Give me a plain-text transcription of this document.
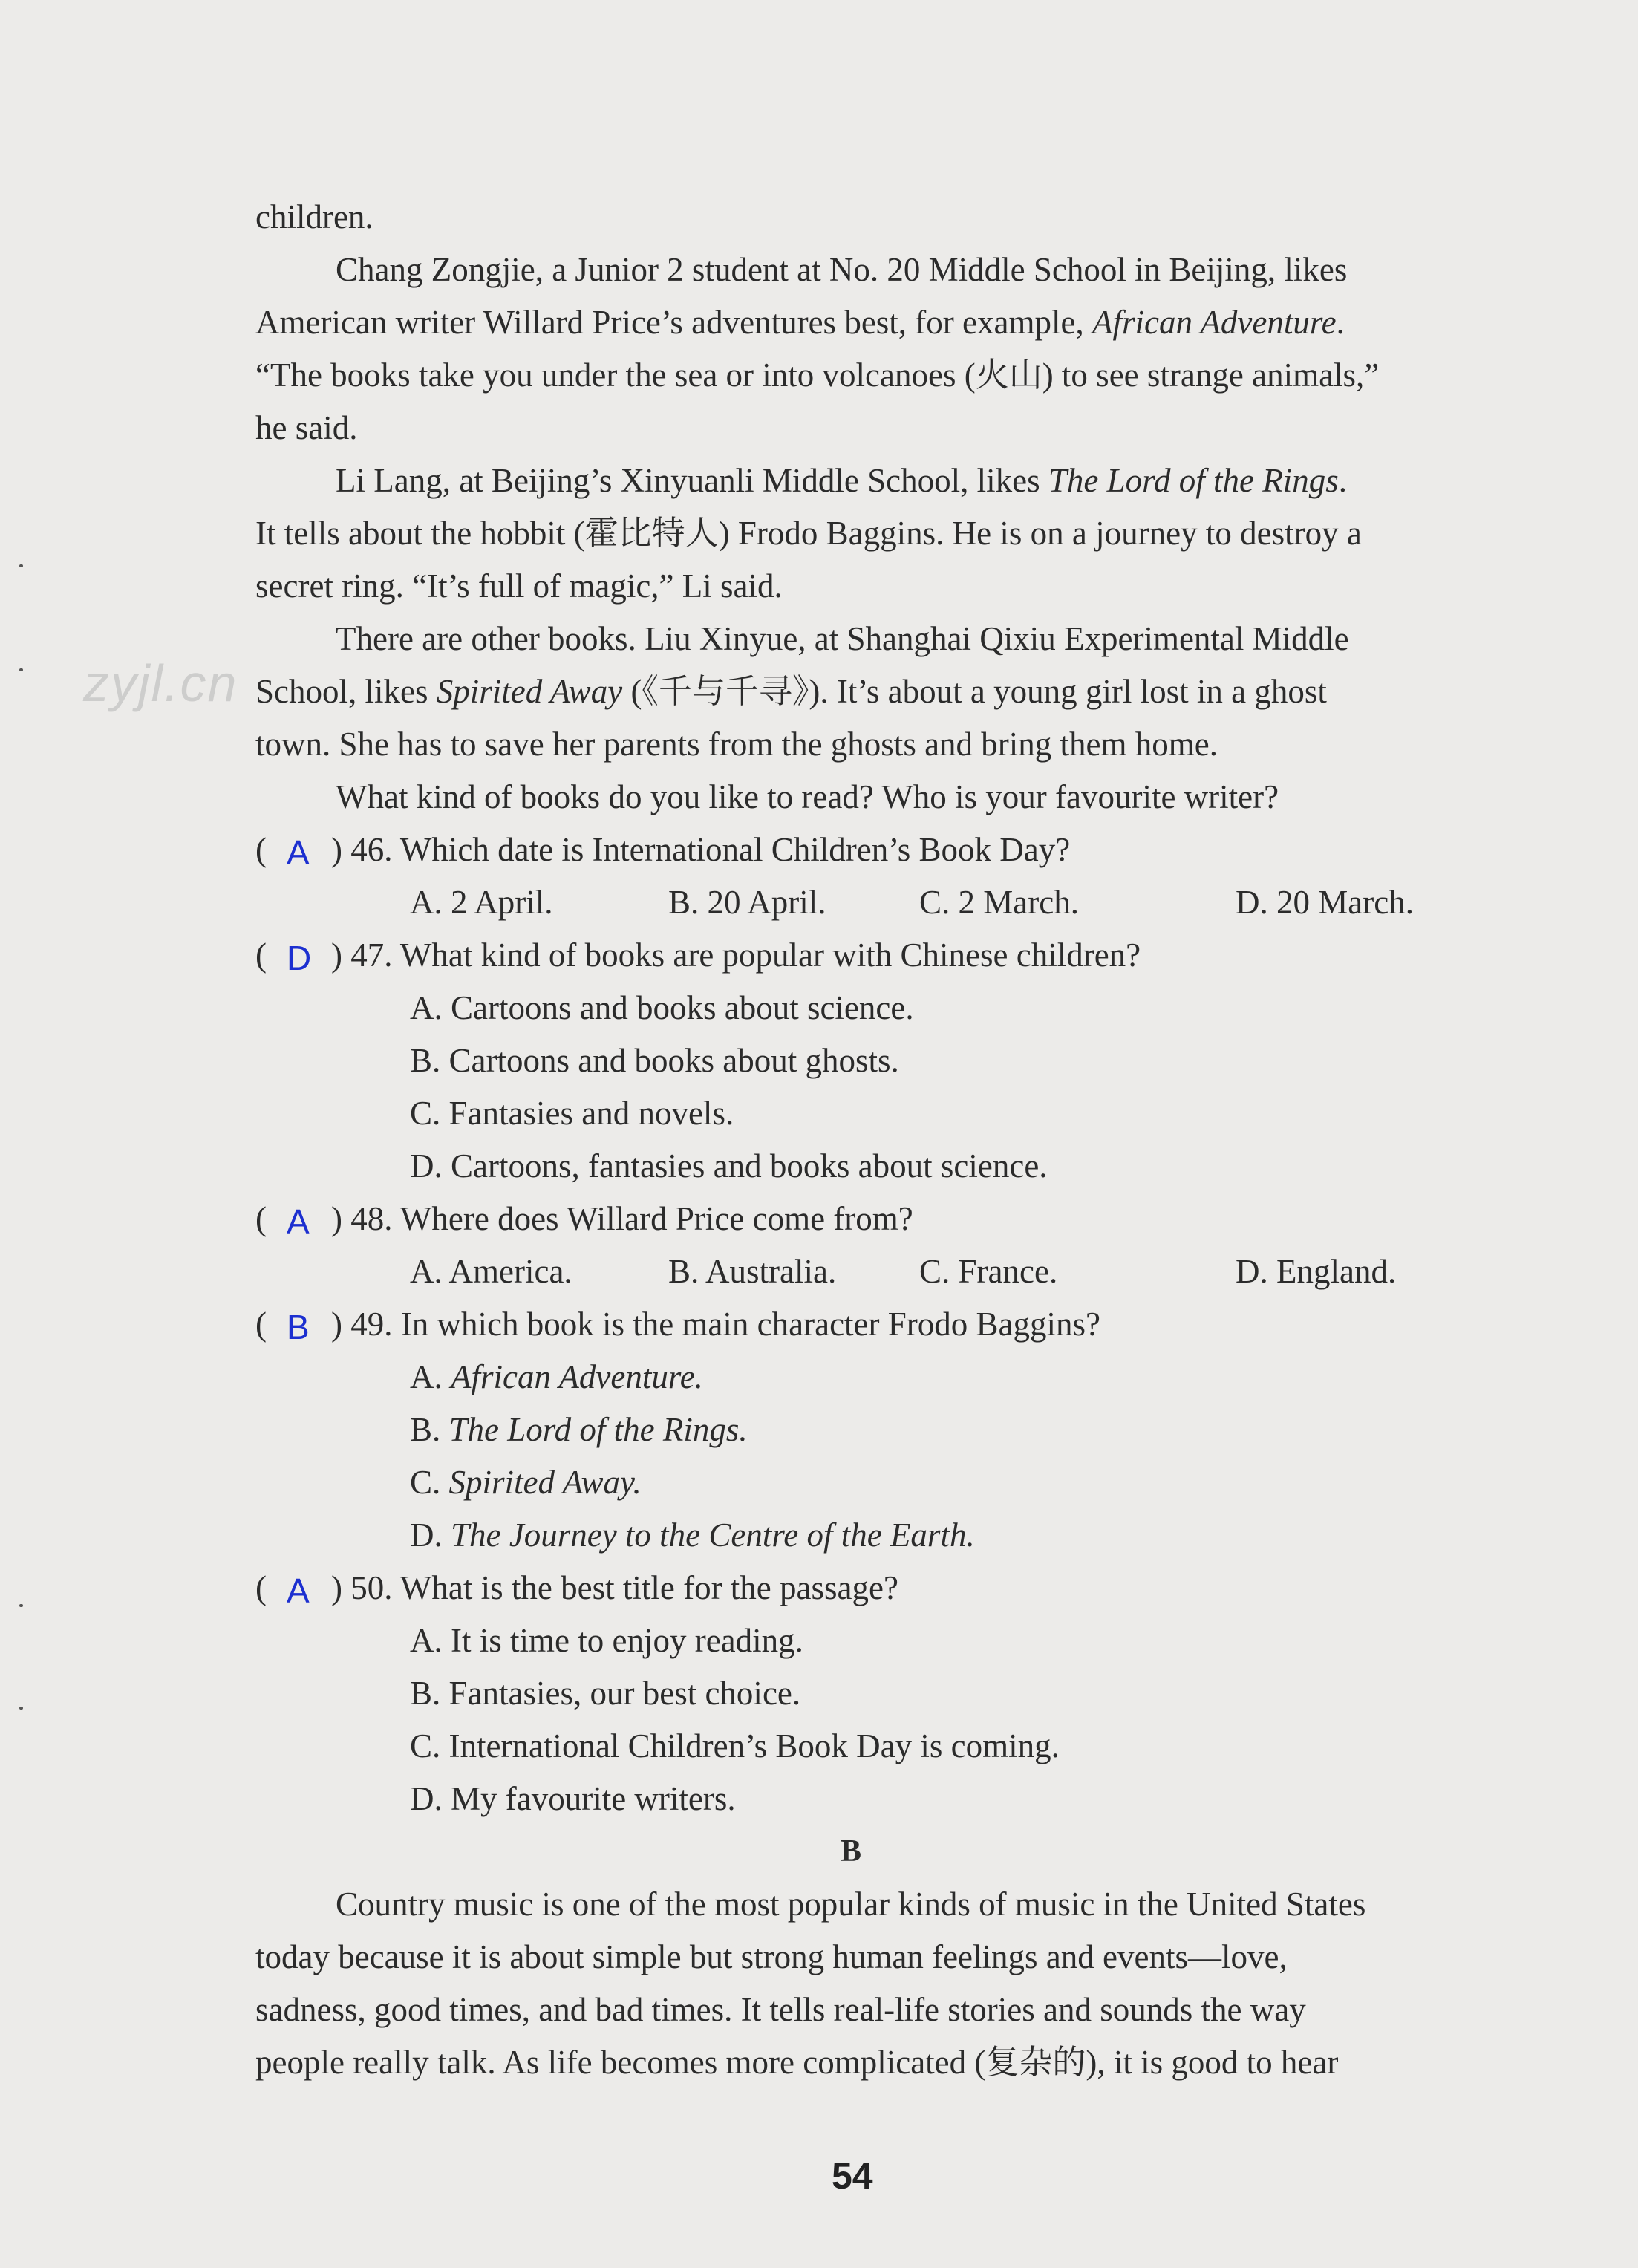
zyjl.cn
children.
Chang Zongjie, a Junior 2 student at No. 20 Middle School in Beijing, likes
American writer Willard Price’s adventures best, for example, African Adventure.
“The books take you under the sea or into volcanoes (火山) to see strange animals,”
he said.
Li Lang, at Beijing’s Xinyuanli Middle School, likes The Lord of the Rings.
It tells about the hobbit (霍比特人) Frodo Baggins. He is on a journey to destroy a
secret ring. “It’s full of magic,” Li said.
There are other books. Liu Xinyue, at Shanghai Qixiu Experimental Middle
School, likes Spirited Away (《千与千寻》). It’s about a young girl lost in a ghost
town. She has to save her parents from the ghosts and bring them home.
What kind of books do you like to read? Who is your favourite writer?
( A ) 46. Which date is International Children’s Book Day?
A. 2 April.	B. 20 April.	C. 2 March.	D. 20 March.
( D ) 47. What kind of books are popular with Chinese children?
A. Cartoons and books about science.
B. Cartoons and books about ghosts.
C. Fantasies and novels.
D. Cartoons, fantasies and books about science.
( A ) 48. Where does Willard Price come from?
A. America.	B. Australia. C. France.	D. England.
( B ) 49. In which book is the main character Frodo Baggins?
A. African Adventure.
B. The Lord of the Rings.
C. Spirited Away.
D. The Journey to the Centre of the Earth.
( A ) 50. What is the best title for the passage?
A. It is time to enjoy reading.
B. Fantasies, our best choice.
C. International Children’s Book Day is coming.
D. My favourite writers.
B
Country music is one of the most popular kinds of music in the United States
today because it is about simple but strong human feelings and events—love,
sadness, good times, and bad times. It tells real-life stories and sounds the way
people really talk. As life becomes more complicated (复杂的), it is good to hear
54
